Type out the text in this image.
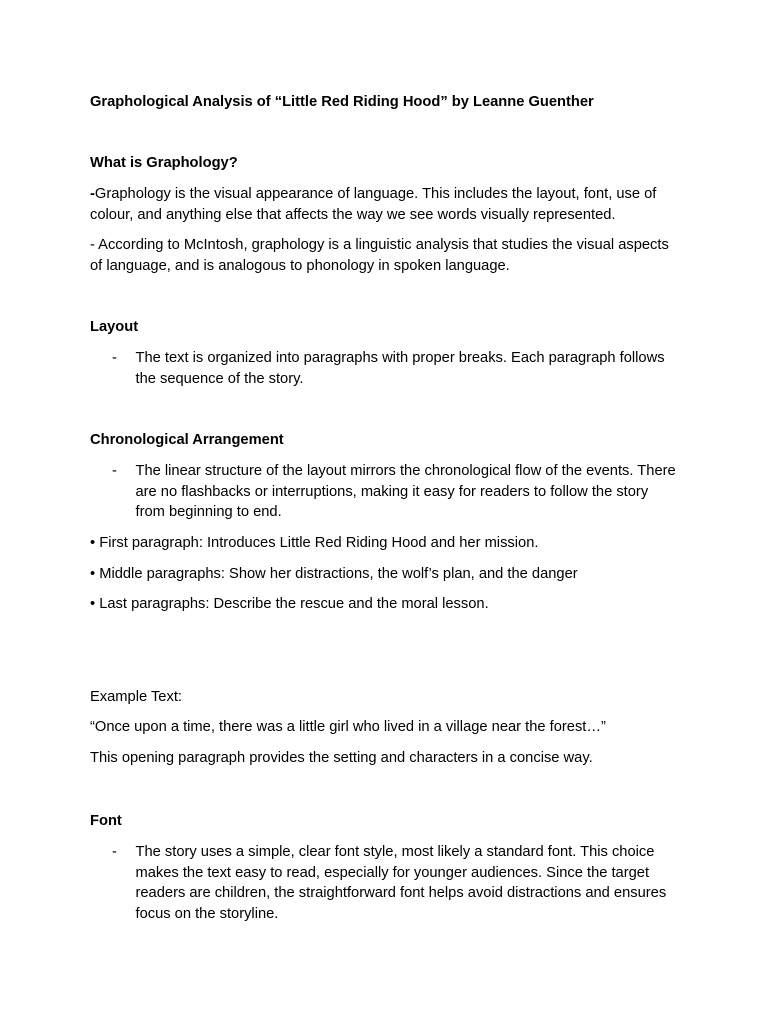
Graphological Analysis of “Little Red Riding Hood” by Leanne Guenther
What is Graphology?
-Graphology is the visual appearance of language. This includes the layout, font, use of colour, and anything else that affects the way we see words visually represented.
- According to McIntosh, graphology is a linguistic analysis that studies the visual aspects of language, and is analogous to phonology in spoken language.
Layout
- The text is organized into paragraphs with proper breaks. Each paragraph follows the sequence of the story.
Chronological Arrangement
- The linear structure of the layout mirrors the chronological flow of the events. There are no flashbacks or interruptions, making it easy for readers to follow the story from beginning to end.
• First paragraph: Introduces Little Red Riding Hood and her mission.
• Middle paragraphs: Show her distractions, the wolf’s plan, and the danger
• Last paragraphs: Describe the rescue and the moral lesson.
Example Text:
“Once upon a time, there was a little girl who lived in a village near the forest…”
This opening paragraph provides the setting and characters in a concise way.
Font
- The story uses a simple, clear font style, most likely a standard font. This choice makes the text easy to read, especially for younger audiences. Since the target readers are children, the straightforward font helps avoid distractions and ensures focus on the storyline.
